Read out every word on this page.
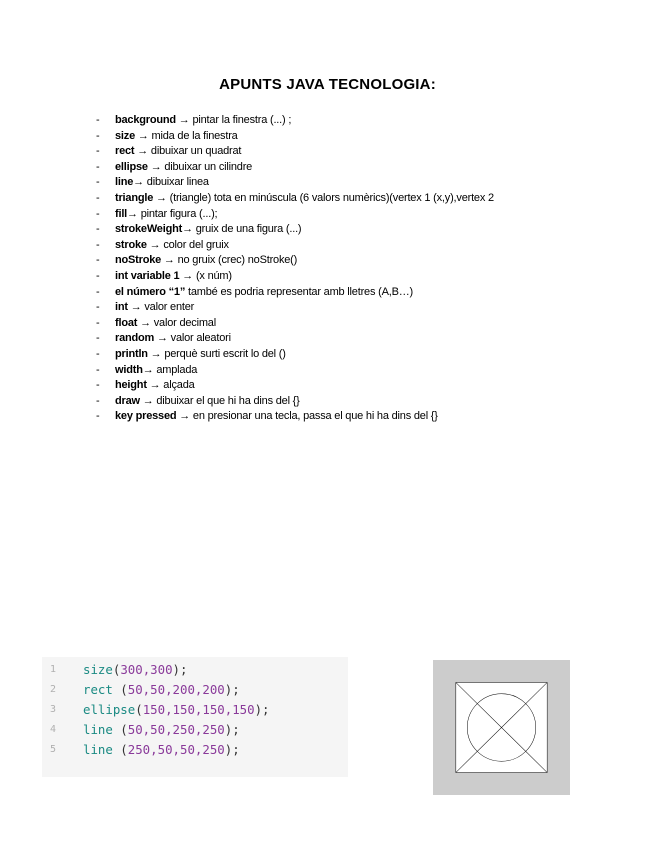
APUNTS JAVA TECNOLOGIA:
- background → pintar la finestra (...) ;
- size → mida de la finestra
- rect → dibuixar un quadrat
- ellipse → dibuixar un cilindre
- line→ dibuixar linea
- triangle → (triangle) tota en minúscula (6 valors numèrics)(vertex 1 (x,y),vertex 2
- fill→ pintar figura (...);
- strokeWeight→ gruix de una figura (...)
- stroke → color del gruix
- noStroke → no gruix (crec) noStroke()
- int variable 1 → (x núm)
- el número “1” també es podria representar amb lletres (A,B…)
- int → valor enter
- float → valor decimal
- random → valor aleatori
- println → perquè surti escrit lo del ()
- width→ amplada
- height → alçada
- draw → dibuixar el que hi ha dins del {}
- key pressed → en presionar una tecla, passa el que hi ha dins del {}
1	size(300,300);
2	rect (50,50,200,200);
3	ellipse(150,150,150,150);
4	line (50,50,250,250);
5	line (250,50,50,250);
